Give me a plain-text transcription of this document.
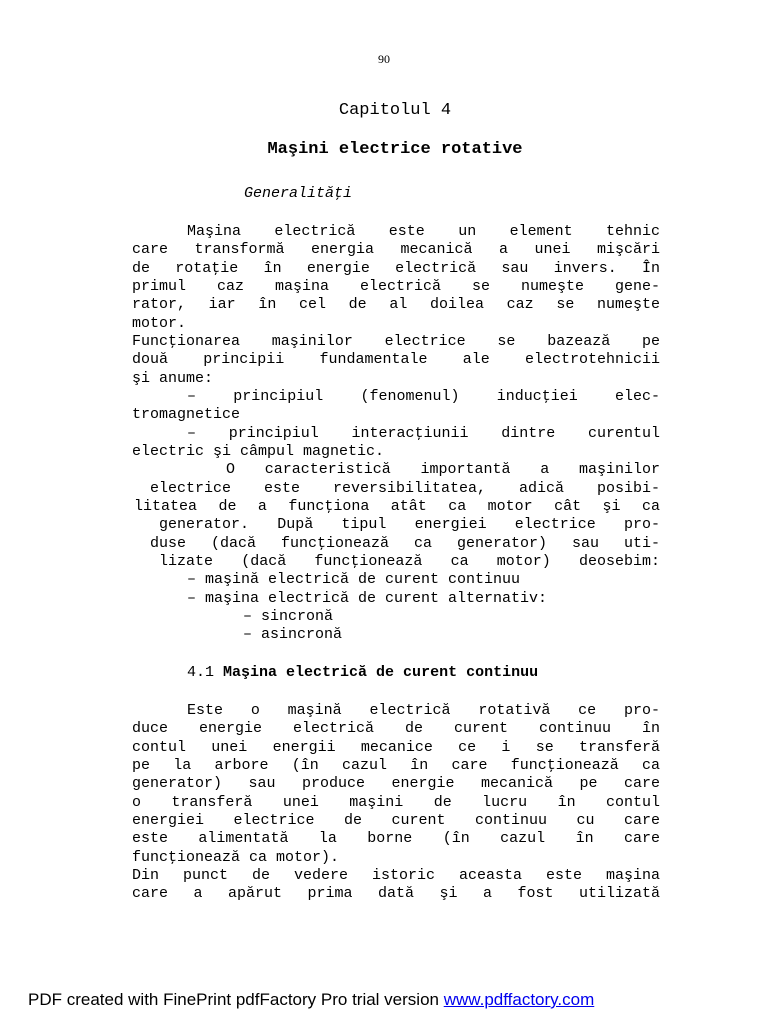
90
Capitolul 4
Maşini electrice rotative
Generalităţi
Maşina electrică este un element tehnic
care transformă energia mecanică a unei mişcări
de rotaţie în energie electrică sau invers. În
primul caz maşina electrică se numeşte gene-
rator, iar în cel de al doilea caz se numeşte
motor.
Funcţionarea maşinilor electrice se bazează pe
două principii fundamentale ale electrotehnicii
şi anume:
– principiul (fenomenul) inducţiei elec-
tromagnetice
– principiul interacţiunii dintre curentul
electric şi câmpul magnetic.
O caracteristică importantă a maşinilor
electrice este reversibilitatea, adică posibi-
litatea de a funcţiona atât ca motor cât şi ca
generator. După tipul energiei electrice pro-
duse (dacă funcţionează ca generator) sau uti-
lizate (dacă funcţionează ca motor) deosebim:
– maşină electrică de curent continuu
– maşina electrică de curent alternativ:
– sincronă
– asincronă
4.1 Maşina electrică de curent continuu
Este o maşină electrică rotativă ce pro-
duce energie electrică de curent continuu în
contul unei energii mecanice ce i se transferă
pe la arbore (în cazul în care funcţionează ca
generator) sau produce energie mecanică pe care
o transferă unei maşini de lucru în contul
energiei electrice de curent continuu cu care
este alimentată la borne (în cazul în care
funcţionează ca motor).
Din punct de vedere istoric aceasta este maşina
care a apărut prima dată şi a fost utilizată
PDF created with FinePrint pdfFactory Pro trial version www.pdffactory.com
